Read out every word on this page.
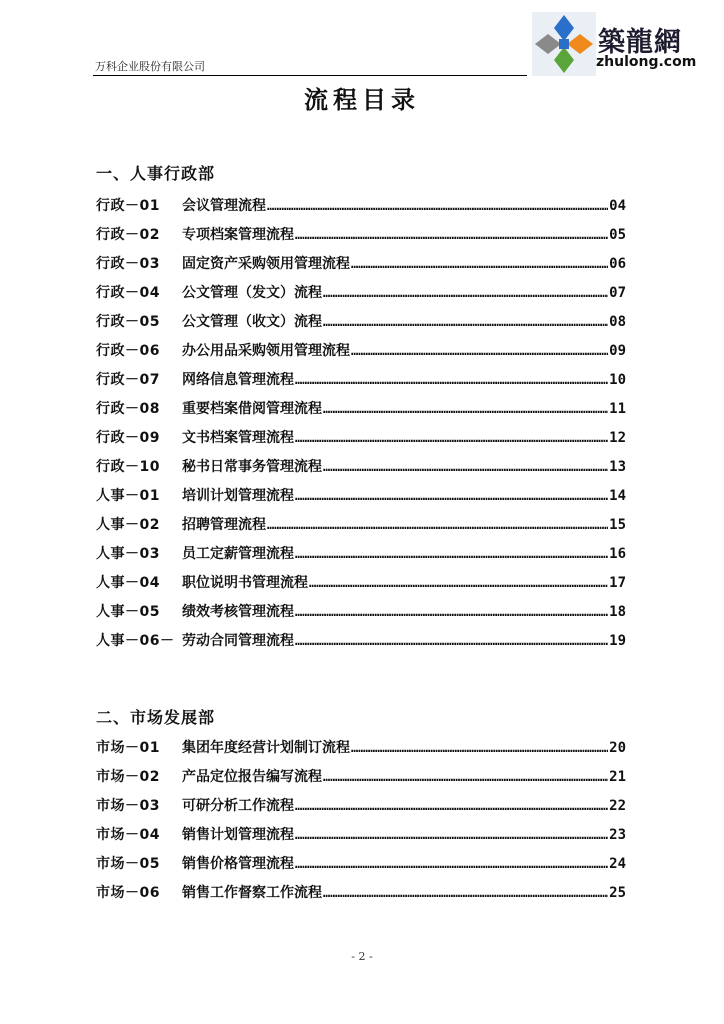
万科企业股份有限公司
築龍網
zhulong.com
流程目录
一、人事行政部
行政－01	会议管理流程 …………………………………………………………………………………………………………………………………………	04
行政－02	专项档案管理流程 …………………………………………………………………………………………………………………………………………	05
行政－03	固定资产采购领用管理流程 …………………………………………………………………………………………………………………………………………	06
行政－04	公文管理（发文）流程 …………………………………………………………………………………………………………………………………………	07
行政－05	公文管理（收文）流程 …………………………………………………………………………………………………………………………………………	08
行政－06	办公用品采购领用管理流程 …………………………………………………………………………………………………………………………………………	09
行政－07	网络信息管理流程 …………………………………………………………………………………………………………………………………………	10
行政－08	重要档案借阅管理流程 …………………………………………………………………………………………………………………………………………	11
行政－09	文书档案管理流程 …………………………………………………………………………………………………………………………………………	12
行政－10	秘书日常事务管理流程 …………………………………………………………………………………………………………………………………………	13
人事－01	培训计划管理流程 …………………………………………………………………………………………………………………………………………	14
人事－02	招聘管理流程 …………………………………………………………………………………………………………………………………………	15
人事－03	员工定薪管理流程 …………………………………………………………………………………………………………………………………………	16
人事－04	职位说明书管理流程 …………………………………………………………………………………………………………………………………………	17
人事－05	绩效考核管理流程 …………………………………………………………………………………………………………………………………………	18
人事－06－ 劳动合同管理流程 …………………………………………………………………………………………………………………………………………	19
二、市场发展部
市场－01	集团年度经营计划制订流程 …………………………………………………………………………………………………………………………………………	20
市场－02	产品定位报告编写流程 …………………………………………………………………………………………………………………………………………	21
市场－03	可研分析工作流程 …………………………………………………………………………………………………………………………………………	22
市场－04	销售计划管理流程 …………………………………………………………………………………………………………………………………………	23
市场－05	销售价格管理流程 …………………………………………………………………………………………………………………………………………	24
市场－06	销售工作督察工作流程 …………………………………………………………………………………………………………………………………………	25
- 2 -
